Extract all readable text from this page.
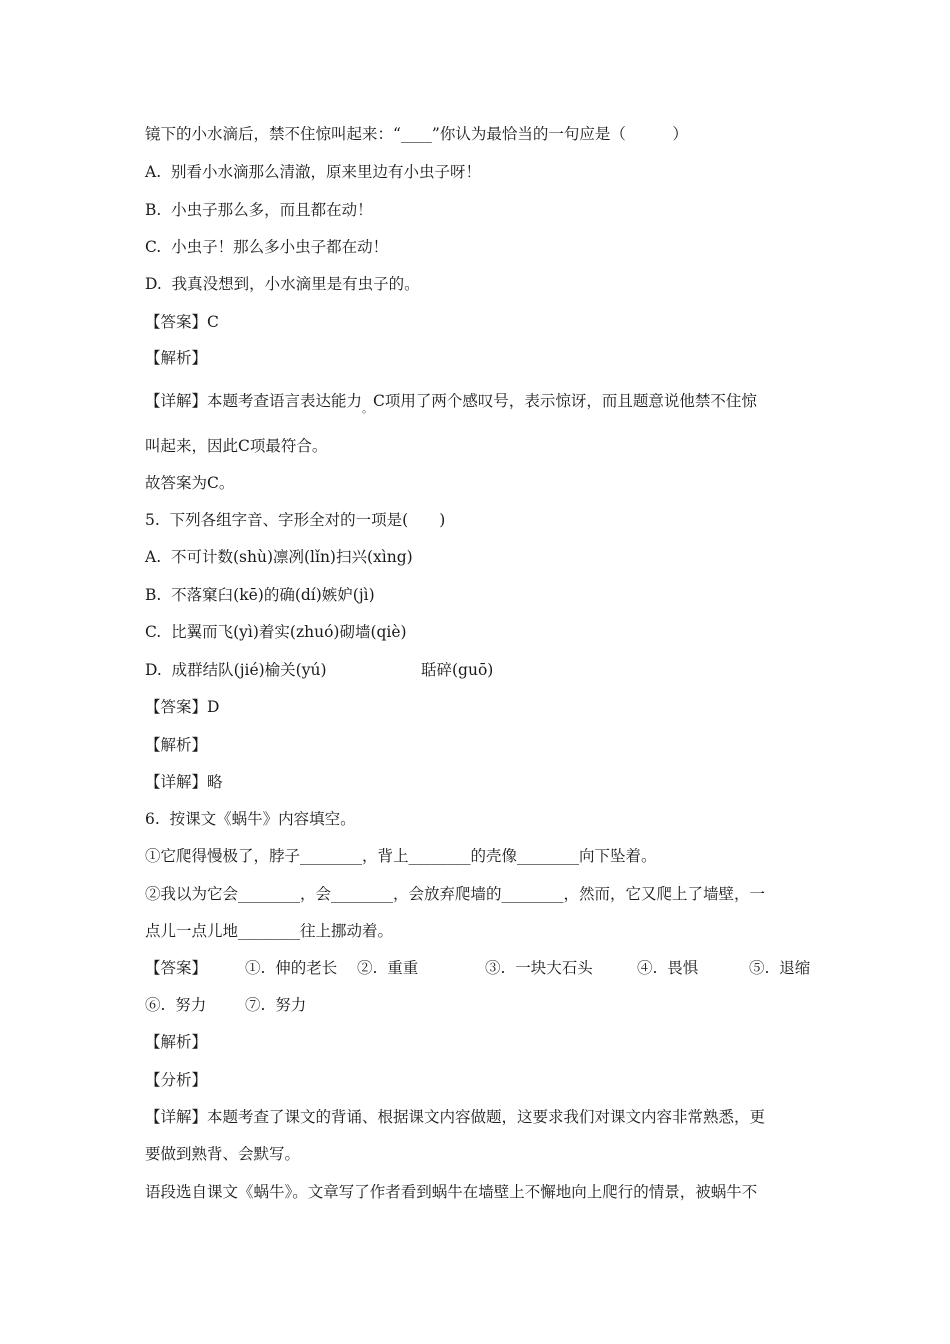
镜下的小水滴后，禁不住惊叫起来：“____”你认为最恰当的一句应是（　　　）
A.  别看小水滴那么清澈，原来里边有小虫子呀！
B.  小虫子那么多，而且都在动！
C.  小虫子！那么多小虫子都在动！
D.  我真没想到，小水滴里是有虫子的。
【答案】C
【解析】
【详解】本题考查语言表达能力$_。$C项用了两个感叹号，表示惊讶，而且题意说他禁不住惊
叫起来，因此C项最符合。
故答案为C。
5.  下列各组字音、字形全对的一项是(　　)
A.  不可计数(shù)凛冽(lǐn)扫兴(xìng)
B.  不落窠臼(kē)的确(dí)嫉妒(jì)
C.  比翼而飞(yì)着实(zhuó)砌墙(qiè)
D.  成群结队(jié)榆关(yú)	聒碎(guō)
【答案】D
【解析】
【详解】略
6.  按课文《蜗牛》内容填空。
①它爬得慢极了，脖子________，背上________的壳像________向下坠着。
②我以为它会________，会________，会放弃爬墙的________，然而，它又爬上了墙壁，一
点儿一点儿地________往上挪动着。
【答案】 ①.  伸的老长 ②.  重重	③.  一块大石头	④.  畏惧	⑤.  退缩
⑥.  努力 ⑦.  努力
【解析】
【分析】
【详解】本题考查了课文的背诵、根据课文内容做题，这要求我们对课文内容非常熟悉，更
要做到熟背、会默写。
语段选自课文《蜗牛》。文章写了作者看到蜗牛在墙壁上不懈地向上爬行的情景，被蜗牛不
